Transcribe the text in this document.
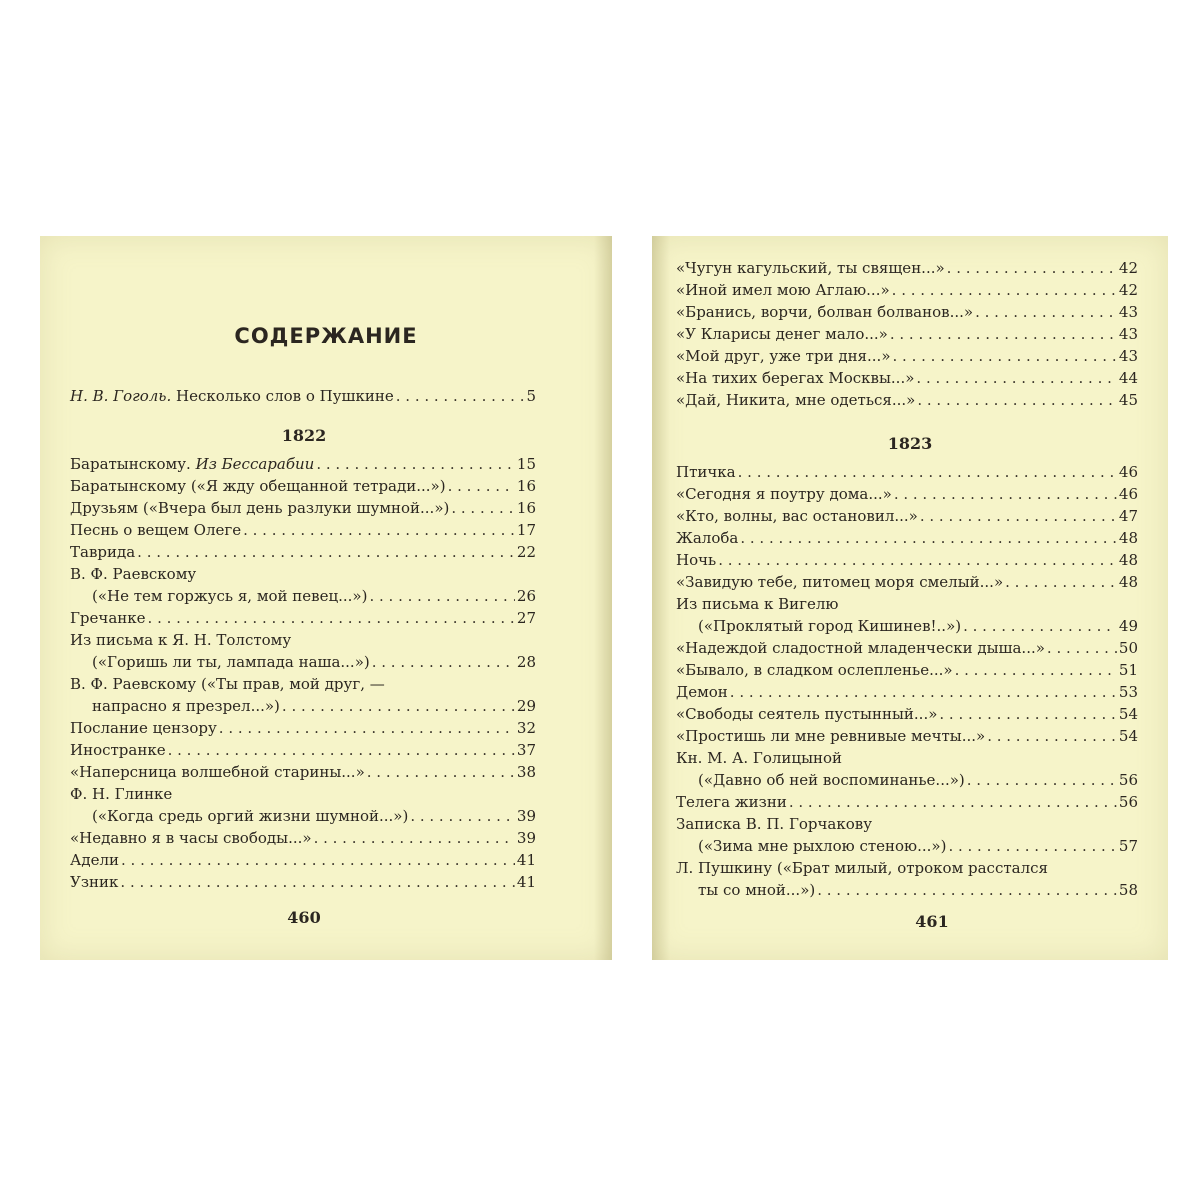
СОДЕРЖАНИЕ
Н. В. Гоголь. Несколько слов о Пушкине . . .	5
1822
Баратынскому. Из Бессарабии . . .	15
Баратынскому («Я жду обещанной тетради...») . . .	16
Друзьям («Вчера был день разлуки шумной...») . . .	16
Песнь о вещем Олеге . . .	17
Таврида . . .	22
В. Ф. Раевскому
(«Не тем горжусь я, мой певец...») . . .	26
Гречанке . . .	27
Из письма к Я. Н. Толстому
(«Горишь ли ты, лампада наша...») . . .	28
В. Ф. Раевскому («Ты прав, мой друг, —
напрасно я презрел...») . . .	29
Послание цензору . . .	32
Иностранке . . .	37
«Наперсница волшебной старины...» . . .	38
Ф. Н. Глинке
(«Когда средь оргий жизни шумной...») . . .	39
«Недавно я в часы свободы...» . . .	39
Адели . . .	41
Узник . . .	41
460
«Чугун кагульский, ты священ...» . . .	42
«Иной имел мою Аглаю...» . . .	42
«Бранись, ворчи, болван болванов...» . . .	43
«У Кларисы денег мало...» . . .	43
«Мой друг, уже три дня...» . . .	43
«На тихих берегах Москвы...» . . .	44
«Дай, Никита, мне одеться...» . . .	45
1823
Птичка . . .	46
«Сегодня я поутру дома...» . . .	46
«Кто, волны, вас остановил...» . . .	47
Жалоба . . .	48
Ночь . . .	48
«Завидую тебе, питомец моря смелый...» . . .	48
Из письма к Вигелю
(«Проклятый город Кишинев!..») . . .	49
«Надеждой сладостной младенчески дыша...» . . .	50
«Бывало, в сладком ослепленье...» . . .	51
Демон . . .	53
«Свободы сеятель пустынный...» . . .	54
«Простишь ли мне ревнивые мечты...» . . .	54
Кн. М. А. Голицыной
(«Давно об ней воспоминанье...») . . .	56
Телега жизни . . .	56
Записка В. П. Горчакову
(«Зима мне рыхлою стеною...») . . .	57
Л. Пушкину («Брат милый, отроком расстался
ты со мной...») . . .	58
461
